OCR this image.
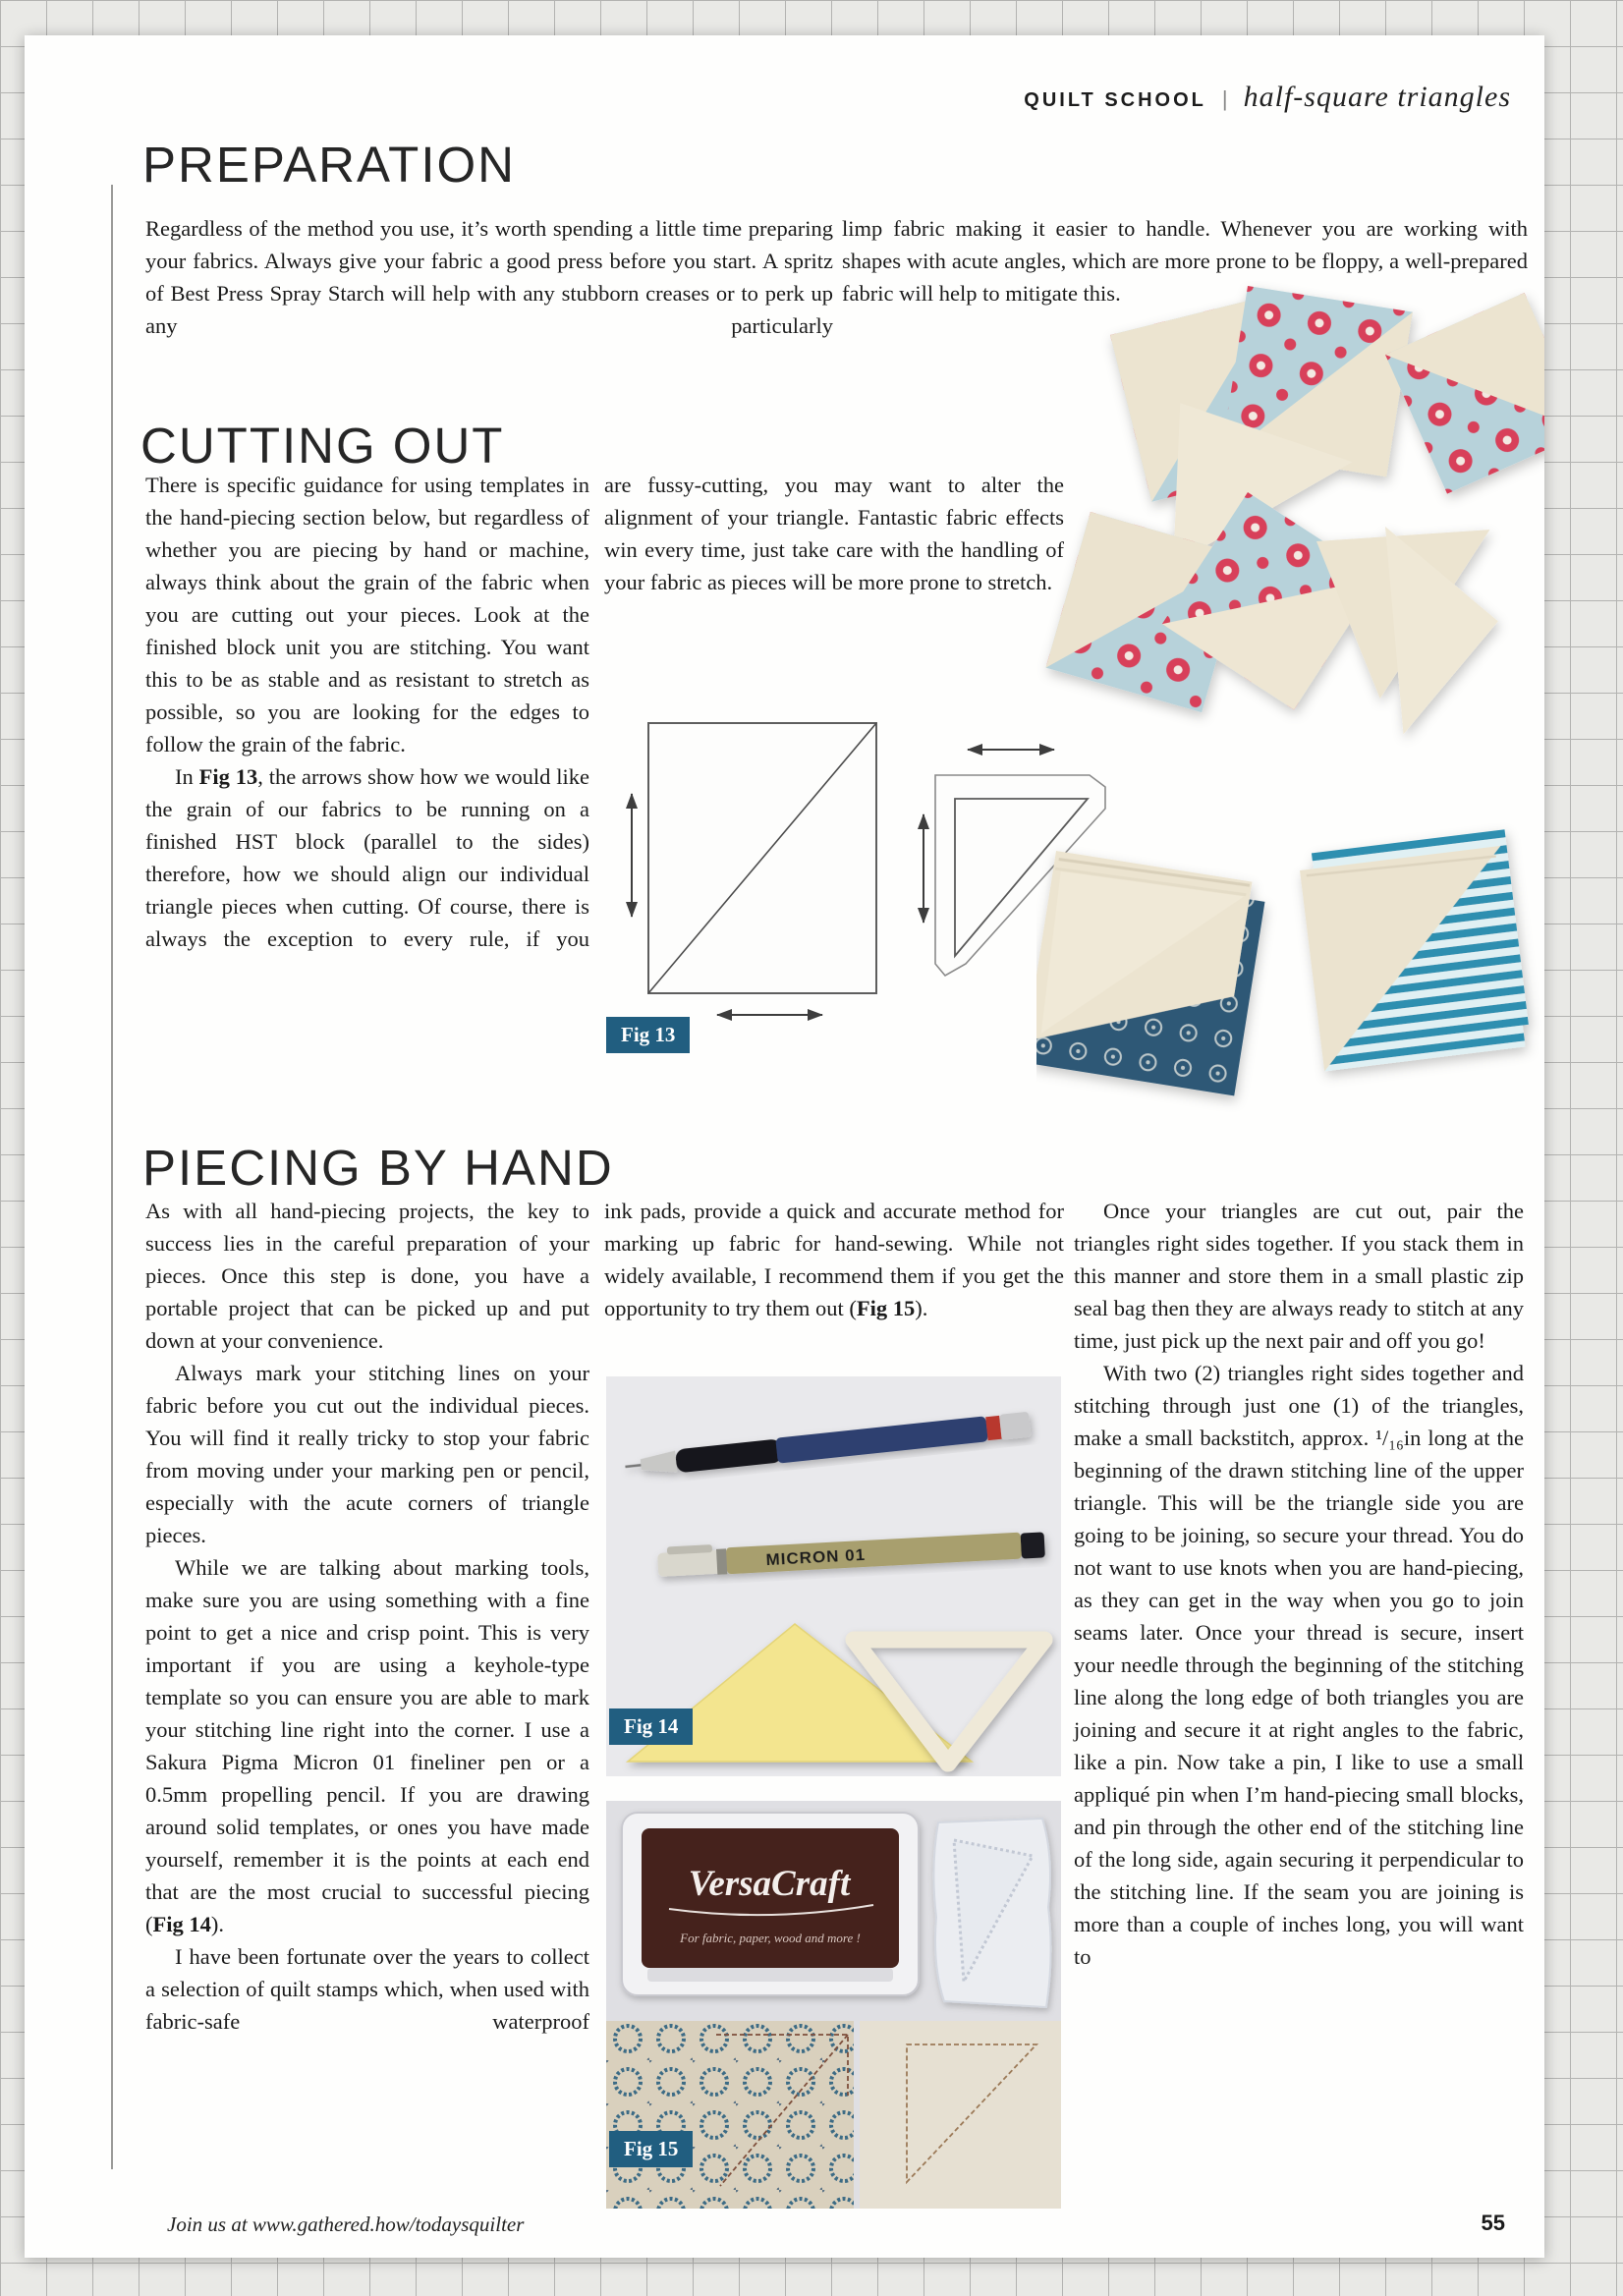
QUILT SCHOOL | half-square triangles
PREPARATION

Regardless of the method you use, it’s worth spending a little time preparing your fabrics. Always give your fabric a good press before you start. A spritz of Best Press Spray Starch will help with any stubborn creases or to perk up any particularly

limp fabric making it easier to handle. Whenever you are working with shapes with acute angles, which are more prone to be floppy, a well-prepared fabric will help to mitigate this.

CUTTING OUT

There is specific guidance for using templates in the hand-piecing section below, but regardless of whether you are piecing by hand or machine, always think about the grain of the fabric when you are cutting out your pieces. Look at the finished block unit you are stitching. You want this to be as stable and as resistant to stretch as possible, so you are looking for the edges to follow the grain of the fabric.

In Fig 13, the arrows show how we would like the grain of our fabrics to be running on a finished HST block (parallel to the sides) therefore, how we should align our individual triangle pieces when cutting. Of course, there is always the exception to every rule, if you

are fussy-cutting, you may want to alter the alignment of your triangle. Fantastic fabric effects win every time, just take care with the handling of your fabric as pieces will be more prone to stretch.

Fig 13
PIECING BY HAND

As with all hand-piecing projects, the key to success lies in the careful preparation of your pieces. Once this step is done, you have a portable project that can be picked up and put down at your convenience.

Always mark your stitching lines on your fabric before you cut out the individual pieces. You will find it really tricky to stop your fabric from moving under your marking pen or pencil, especially with the acute corners of triangle pieces.

While we are talking about marking tools, make sure you are using something with a fine point to get a nice and crisp point. This is very important if you are using a keyhole-type template so you can ensure you are able to mark your stitching line right into the corner. I use a Sakura Pigma Micron 01 fineliner pen or a 0.5mm propelling pencil. If you are drawing around solid templates, or ones you have made yourself, remember it is the points at each end that are the most crucial to successful piecing (Fig 14).

I have been fortunate over the years to collect a selection of quilt stamps which, when used with fabric-safe waterproof

ink pads, provide a quick and accurate method for marking up fabric for hand-sewing. While not widely available, I recommend them if you get the opportunity to try them out (Fig 15).

Once your triangles are cut out, pair the triangles right sides together. If you stack them in this manner and store them in a small plastic zip seal bag then they are always ready to stitch at any time, just pick up the next pair and off you go!

With two (2) triangles right sides together and stitching through just one (1) of the triangles, make a small backstitch, approx. ¹/₁₆in long at the beginning of the drawn stitching line of the upper triangle. This will be the triangle side you are going to be joining, so secure your thread. You do not want to use knots when you are hand-piecing, as they can get in the way when you go to join seams later. Once your thread is secure, insert your needle through the beginning of the stitching line along the long edge of both triangles you are joining and secure it at right angles to the fabric, like a pin. Now take a pin, I like to use a small appliqué pin when I’m hand-piecing small blocks, and pin through the other end of the stitching line of the long side, again securing it perpendicular to the stitching line. If the seam you are joining is more than a couple of inches long, you will want to

MICRON 01
Fig 14
VersaCraft
For fabric, paper, wood and more !
Fig 15
Join us at www.gathered.how/todaysquilter	55
